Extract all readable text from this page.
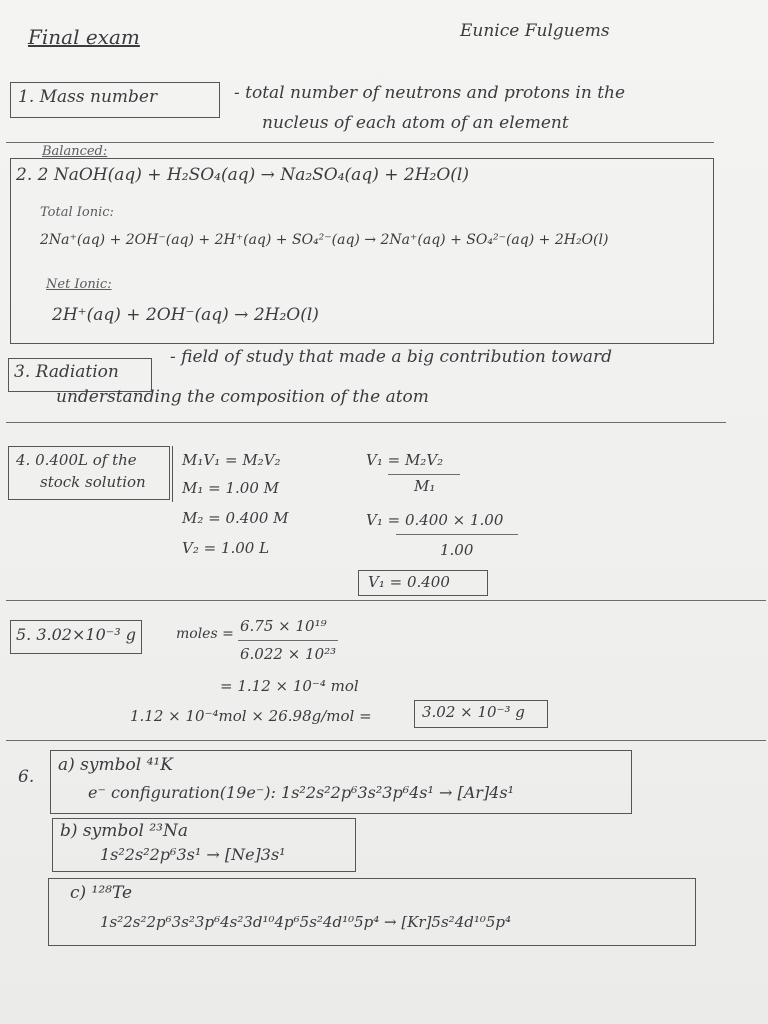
Final exam	Eunice Fulguems
1. Mass number	- total number of neutrons and protons in the
nucleus of each atom of an element
Balanced:
2. 2 NaOH(aq) + H₂SO₄(aq) → Na₂SO₄(aq) + 2H₂O(l)
Total Ionic:
2Na⁺(aq) + 2OH⁻(aq) + 2H⁺(aq) + SO₄²⁻(aq) → 2Na⁺(aq) + SO₄²⁻(aq) + 2H₂O(l)
Net Ionic:
2H⁺(aq) + 2OH⁻(aq) → 2H₂O(l)
3. Radiation
- field of study that made a big contribution toward
understanding the composition of the atom
4. 0.400L of the
stock solution
M₁V₁ = M₂V₂
M₁ = 1.00 M
M₂ = 0.400 M
V₂ = 1.00 L
V₁ = M₂V₂
M₁
V₁ = 0.400 × 1.00
1.00
V₁ = 0.400
5. 3.02×10⁻³ g	moles = 6.75 × 10¹⁹
6.022 × 10²³
= 1.12 × 10⁻⁴ mol
1.12 × 10⁻⁴mol × 26.98g/mol =	3.02 × 10⁻³ g
6.
a) symbol ⁴¹K
e⁻ configuration(19e⁻): 1s²2s²2p⁶3s²3p⁶4s¹ → [Ar]4s¹
b) symbol ²³Na
1s²2s²2p⁶3s¹ → [Ne]3s¹
c) ¹²⁸Te
1s²2s²2p⁶3s²3p⁶4s²3d¹⁰4p⁶5s²4d¹⁰5p⁴ → [Kr]5s²4d¹⁰5p⁴
